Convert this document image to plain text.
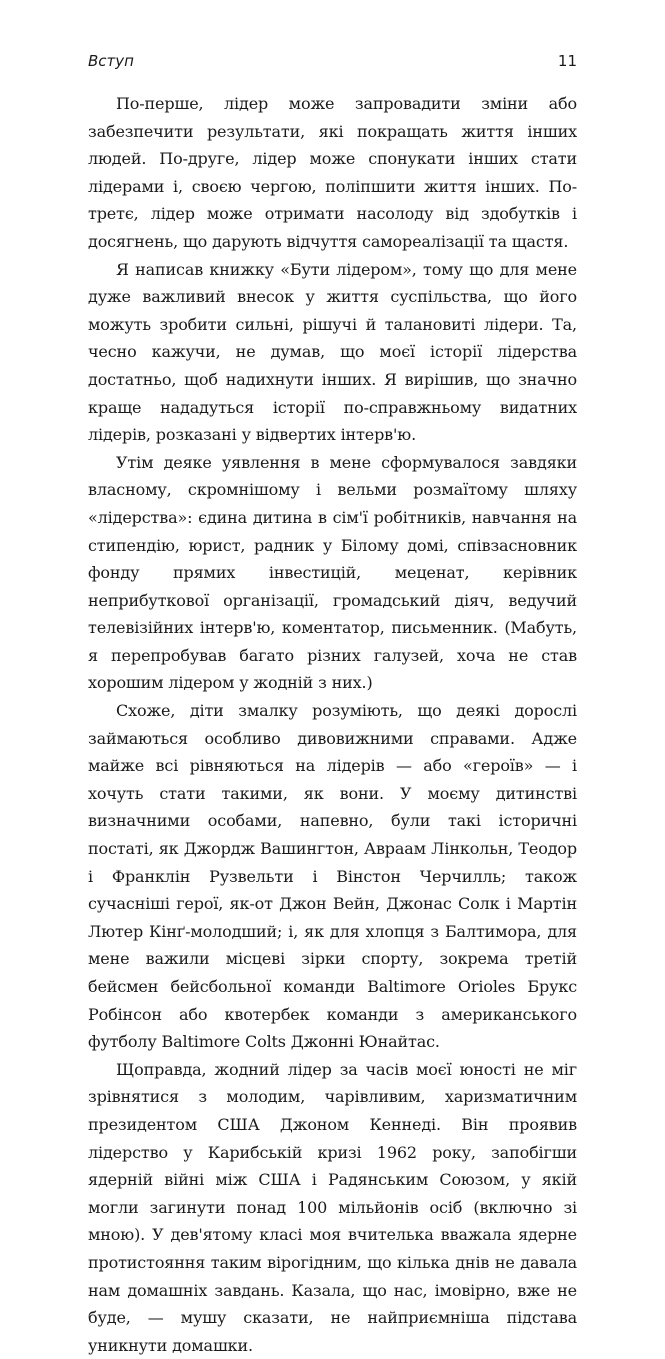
Вступ	11

По-перше, лідер може запровадити зміни або забезпечити результати, які покращать життя інших людей. По-друге, лідер може спонукати інших стати лідерами і, своєю чергою, поліпшити життя інших. По-третє, лідер може отримати насолоду від здобутків і досягнень, що дарують відчуття самореалізації та щастя.

Я написав книжку «Бути лідером», тому що для мене дуже важливий внесок у життя суспільства, що його можуть зробити сильні, рішучі й талановиті лідери. Та, чесно кажучи, не думав, що моєї історії лідерства достатньо, щоб надихнути інших. Я вирішив, що значно краще нададуться історії по-справжньому видатних лідерів, розказані у відвертих інтерв'ю.

Утім деяке уявлення в мене сформувалося завдяки власному, скромнішому і вельми розмаїтому шляху «лідерства»: єдина дитина в сім'ї робітників, навчання на стипендію, юрист, радник у Білому домі, співзасновник фонду прямих інвестицій, меценат, керівник неприбуткової організації, громадський діяч, ведучий телевізійних інтерв'ю, коментатор, письменник. (Мабуть, я перепробував багато різних галузей, хоча не став хорошим лідером у жодній з них.)

Схоже, діти змалку розуміють, що деякі дорослі займаються особливо дивовижними справами. Адже майже всі рівняються на лідерів — або «героїв» — і хочуть стати такими, як вони. У моєму дитинстві визначними особами, напевно, були такі історичні постаті, як Джордж Вашингтон, Авраам Лінкольн, Теодор і Франклін Рузвельти і Вінстон Черчилль; також сучасніші герої, як-от Джон Вейн, Джонас Солк і Мартін Лютер Кінґ-молодший; і, як для хлопця з Балтимора, для мене важили місцеві зірки спорту, зокрема третій бейсмен бейсбольної команди Baltimore Orioles Брукс Робінсон або квотербек команди з американського футболу Baltimore Colts Джонні Юнайтас.

Щоправда, жодний лідер за часів моєї юності не міг зрівнятися з молодим, чарівливим, харизматичним президентом США Джоном Кеннеді. Він проявив лідерство у Карибській кризі 1962 року, запобігши ядерній війні між США і Радянським Союзом, у якій могли загинути понад 100 мільйонів осіб (включно зі мною). У дев'ятому класі моя вчителька вважала ядерне протистояння таким вірогідним, що кілька днів не давала нам домашніх завдань. Казала, що нас, імовірно, вже не буде, — мушу сказати, не найприємніша підстава уникнути домашки.
